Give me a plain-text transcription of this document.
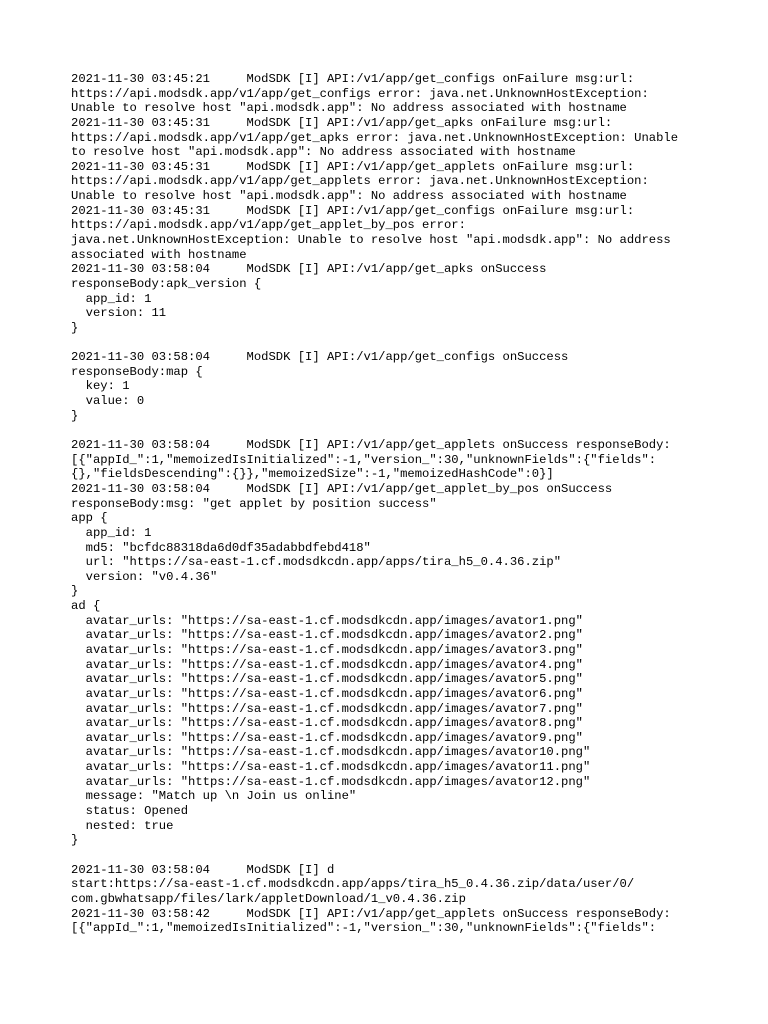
2021-11-30 03:45:21     ModSDK [I] API:/v1/app/get_configs onFailure msg:url:
https://api.modsdk.app/v1/app/get_configs error: java.net.UnknownHostException:
Unable to resolve host "api.modsdk.app": No address associated with hostname
2021-11-30 03:45:31     ModSDK [I] API:/v1/app/get_apks onFailure msg:url:
https://api.modsdk.app/v1/app/get_apks error: java.net.UnknownHostException: Unable
to resolve host "api.modsdk.app": No address associated with hostname
2021-11-30 03:45:31     ModSDK [I] API:/v1/app/get_applets onFailure msg:url:
https://api.modsdk.app/v1/app/get_applets error: java.net.UnknownHostException:
Unable to resolve host "api.modsdk.app": No address associated with hostname
2021-11-30 03:45:31     ModSDK [I] API:/v1/app/get_configs onFailure msg:url:
https://api.modsdk.app/v1/app/get_applet_by_pos error:
java.net.UnknownHostException: Unable to resolve host "api.modsdk.app": No address
associated with hostname
2021-11-30 03:58:04     ModSDK [I] API:/v1/app/get_apks onSuccess
responseBody:apk_version {
app_id: 1
version: 11
}
2021-11-30 03:58:04     ModSDK [I] API:/v1/app/get_configs onSuccess
responseBody:map {
key: 1
value: 0
}
2021-11-30 03:58:04     ModSDK [I] API:/v1/app/get_applets onSuccess responseBody:
[{"appId_":1,"memoizedIsInitialized":-1,"version_":30,"unknownFields":{"fields":
{},"fieldsDescending":{}},"memoizedSize":-1,"memoizedHashCode":0}]
2021-11-30 03:58:04     ModSDK [I] API:/v1/app/get_applet_by_pos onSuccess
responseBody:msg: "get applet by position success"
app {
app_id: 1
md5: "bcfdc88318da6d0df35adabbdfebd418"
url: "https://sa-east-1.cf.modsdkcdn.app/apps/tira_h5_0.4.36.zip"
version: "v0.4.36"
}
ad {
avatar_urls: "https://sa-east-1.cf.modsdkcdn.app/images/avator1.png"
avatar_urls: "https://sa-east-1.cf.modsdkcdn.app/images/avator2.png"
avatar_urls: "https://sa-east-1.cf.modsdkcdn.app/images/avator3.png"
avatar_urls: "https://sa-east-1.cf.modsdkcdn.app/images/avator4.png"
avatar_urls: "https://sa-east-1.cf.modsdkcdn.app/images/avator5.png"
avatar_urls: "https://sa-east-1.cf.modsdkcdn.app/images/avator6.png"
avatar_urls: "https://sa-east-1.cf.modsdkcdn.app/images/avator7.png"
avatar_urls: "https://sa-east-1.cf.modsdkcdn.app/images/avator8.png"
avatar_urls: "https://sa-east-1.cf.modsdkcdn.app/images/avator9.png"
avatar_urls: "https://sa-east-1.cf.modsdkcdn.app/images/avator10.png"
avatar_urls: "https://sa-east-1.cf.modsdkcdn.app/images/avator11.png"
avatar_urls: "https://sa-east-1.cf.modsdkcdn.app/images/avator12.png"
message: "Match up \n Join us online"
status: Opened
nested: true
}
2021-11-30 03:58:04     ModSDK [I] d
start:https://sa-east-1.cf.modsdkcdn.app/apps/tira_h5_0.4.36.zip/data/user/0/
com.gbwhatsapp/files/lark/appletDownload/1_v0.4.36.zip
2021-11-30 03:58:42     ModSDK [I] API:/v1/app/get_applets onSuccess responseBody:
[{"appId_":1,"memoizedIsInitialized":-1,"version_":30,"unknownFields":{"fields":
